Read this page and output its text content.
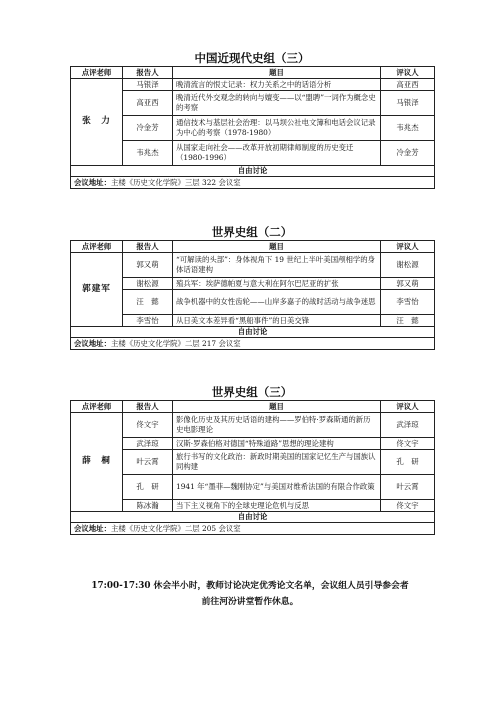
中国近现代史组（三）
点评老师	报告人	题目	评议人
张　力	马银泽	晚清流言的恨丈记录：权力关系之中的话语分析	高亚西
	高亚西	晚清近代外交观念的转向与嬗变——以“盟聘”一词作为概念史的考察	马银泽
	冷金芳	通信技术与基层社会治理：以马坝公社电文簿和电话会议记录为中心的考察（1978-1980）	韦兆杰
	韦兆杰	从国家走向社会——改革开放初期律师制度的历史变迁（1980-1996）	冷金芳
自由讨论			
会议地址：主楼《历史文化学院》三层 322 会议室			
世界史组（二）
点评老师	报告人	题目	评议人
郭建军	郭又萌	“可解读的头部”：身体视角下 19 世纪上半叶美国颅相学的身体话语建构	谢松源
	谢松源	殖兵军：埃萨德帕夏与意大利在阿尔巴尼亚的扩张	郭又萌
	汪　懿	战争机器中的女性齿轮——山岸多嘉子的战时活动与战争迷思	李雪怡
	李雪怡	从日美文本差异看“黑船事件”的日美交锋	汪　懿
自由讨论			
会议地址：主楼《历史文化学院》二层 217 会议室			
世界史组（三）
点评老师	报告人	题目	评议人
薛　桐	佟文宇	影像化历史及其历史话语的建构——罗伯特·罗森斯通的新历史电影理论	武泽琼
	武泽琼	汉斯·罗森伯格对德国“特殊道路”思想的理论建构	佟文宇
	叶云霄	旅行书写的文化政治：新政时期美国的国家记忆生产与国族认同构建	孔　研
	孔　研	1941 年“墨菲—魏刚协定”与美国对维希法国的有限合作政策	叶云霄
	陈冰瀚	当下主义视角下的全球史理论危机与反思	佟文宇
自由讨论			
会议地址：主楼《历史文化学院》二层 205 会议室			
17:00-17:30 休会半小时，教师讨论决定优秀论文名单，会议组人员引导参会者
前往河汾讲堂暂作休息。
